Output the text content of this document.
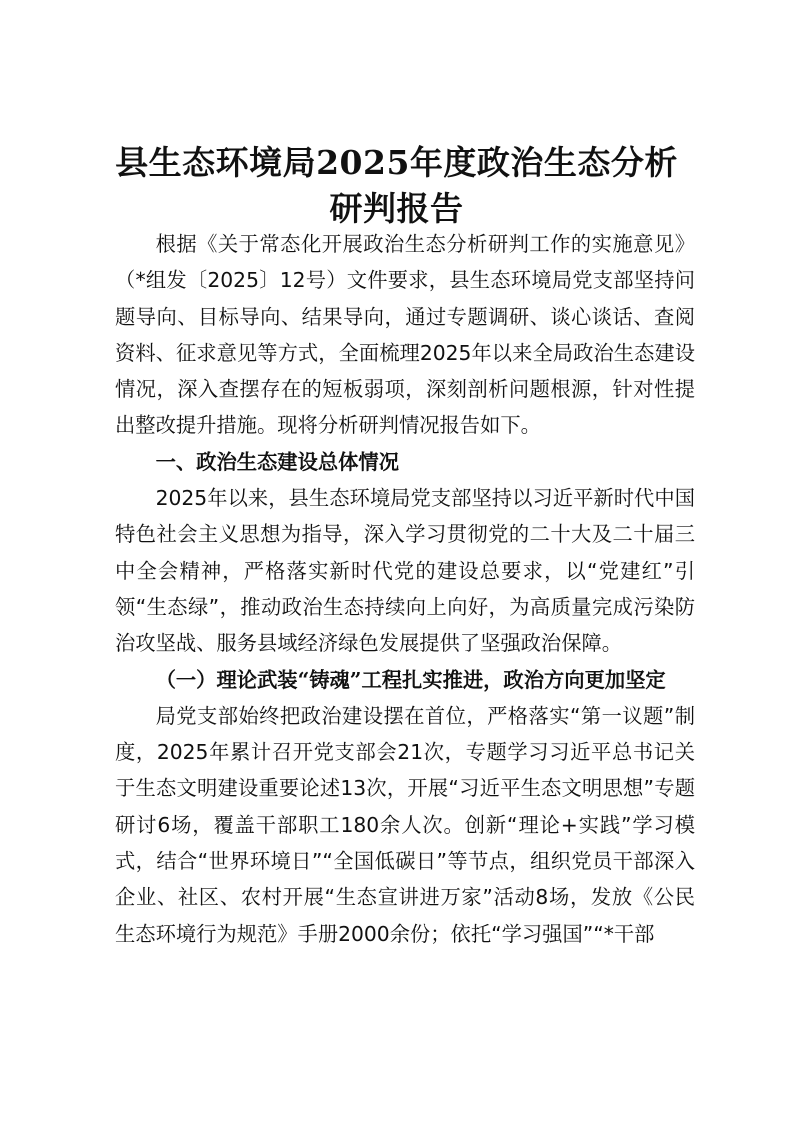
县生态环境局2025年度政治生态分析研判报告

根据《关于常态化开展政治生态分析研判工作的实施意见》（*组发〔2025〕12号）文件要求，县生态环境局党支部坚持问题导向、目标导向、结果导向，通过专题调研、谈心谈话、查阅资料、征求意见等方式，全面梳理2025年以来全局政治生态建设情况，深入查摆存在的短板弱项，深刻剖析问题根源，针对性提出整改提升措施。现将分析研判情况报告如下。

一、政治生态建设总体情况

2025年以来，县生态环境局党支部坚持以习近平新时代中国特色社会主义思想为指导，深入学习贯彻党的二十大及二十届三中全会精神，严格落实新时代党的建设总要求，以“党建红”引领“生态绿”，推动政治生态持续向上向好，为高质量完成污染防治攻坚战、服务县域经济绿色发展提供了坚强政治保障。

（一）理论武装“铸魂”工程扎实推进，政治方向更加坚定

局党支部始终把政治建设摆在首位，严格落实“第一议题”制度，2025年累计召开党支部会21次，专题学习习近平总书记关于生态文明建设重要论述13次，开展“习近平生态文明思想”专题研讨6场，覆盖干部职工180余人次。创新“理论+实践”学习模式，结合“世界环境日”“全国低碳日”等节点，组织党员干部深入企业、社区、农村开展“生态宣讲进万家”活动8场，发放《公民生态环境行为规范》手册2000余份；依托“学习强国”“*干部
